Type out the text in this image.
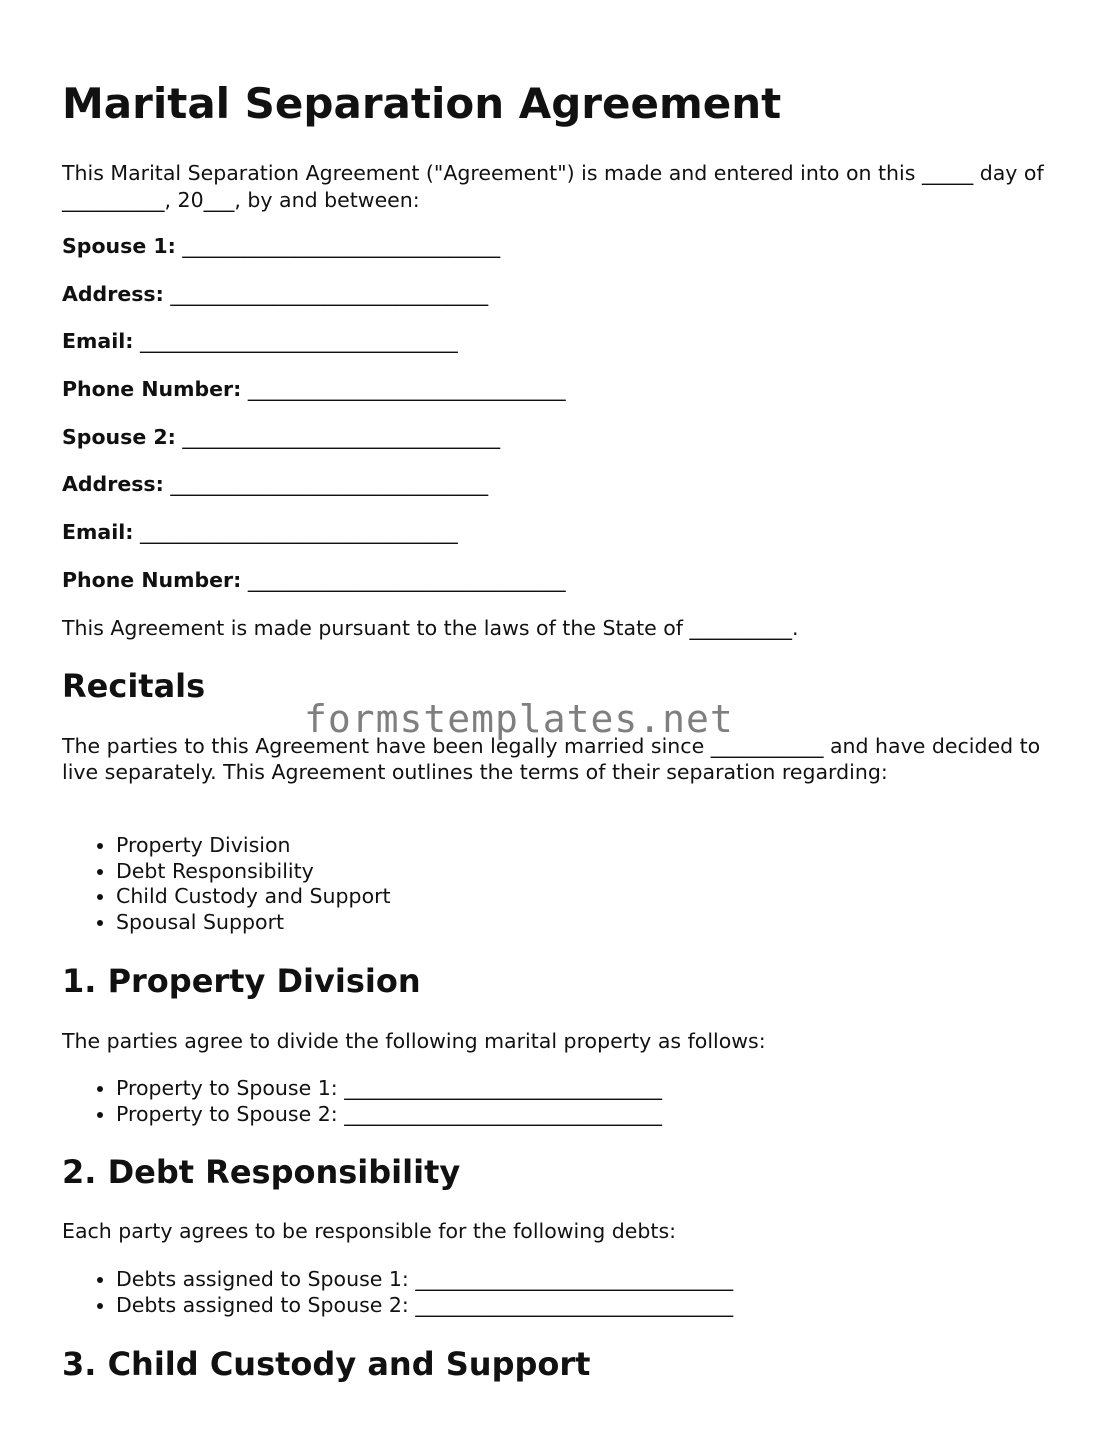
Marital Separation Agreement

This Marital Separation Agreement ("Agreement") is made and entered into on this _____ day of __________, 20___, by and between:

Spouse 1: _______________________________

Address: _______________________________

Email: _______________________________

Phone Number: _______________________________

Spouse 2: _______________________________

Address: _______________________________

Email: _______________________________

Phone Number: _______________________________

This Agreement is made pursuant to the laws of the State of __________.

Recitals

The parties to this Agreement have been legally married since ___________ and have decided to live separately. This Agreement outlines the terms of their separation regarding:

• Property Division
• Debt Responsibility
• Child Custody and Support
• Spousal Support
1. Property Division

The parties agree to divide the following marital property as follows:

• Property to Spouse 1: _______________________________
• Property to Spouse 2: _______________________________
2. Debt Responsibility

Each party agrees to be responsible for the following debts:

• Debts assigned to Spouse 1: _______________________________
• Debts assigned to Spouse 2: _______________________________
3. Child Custody and Support
formstemplates.net
